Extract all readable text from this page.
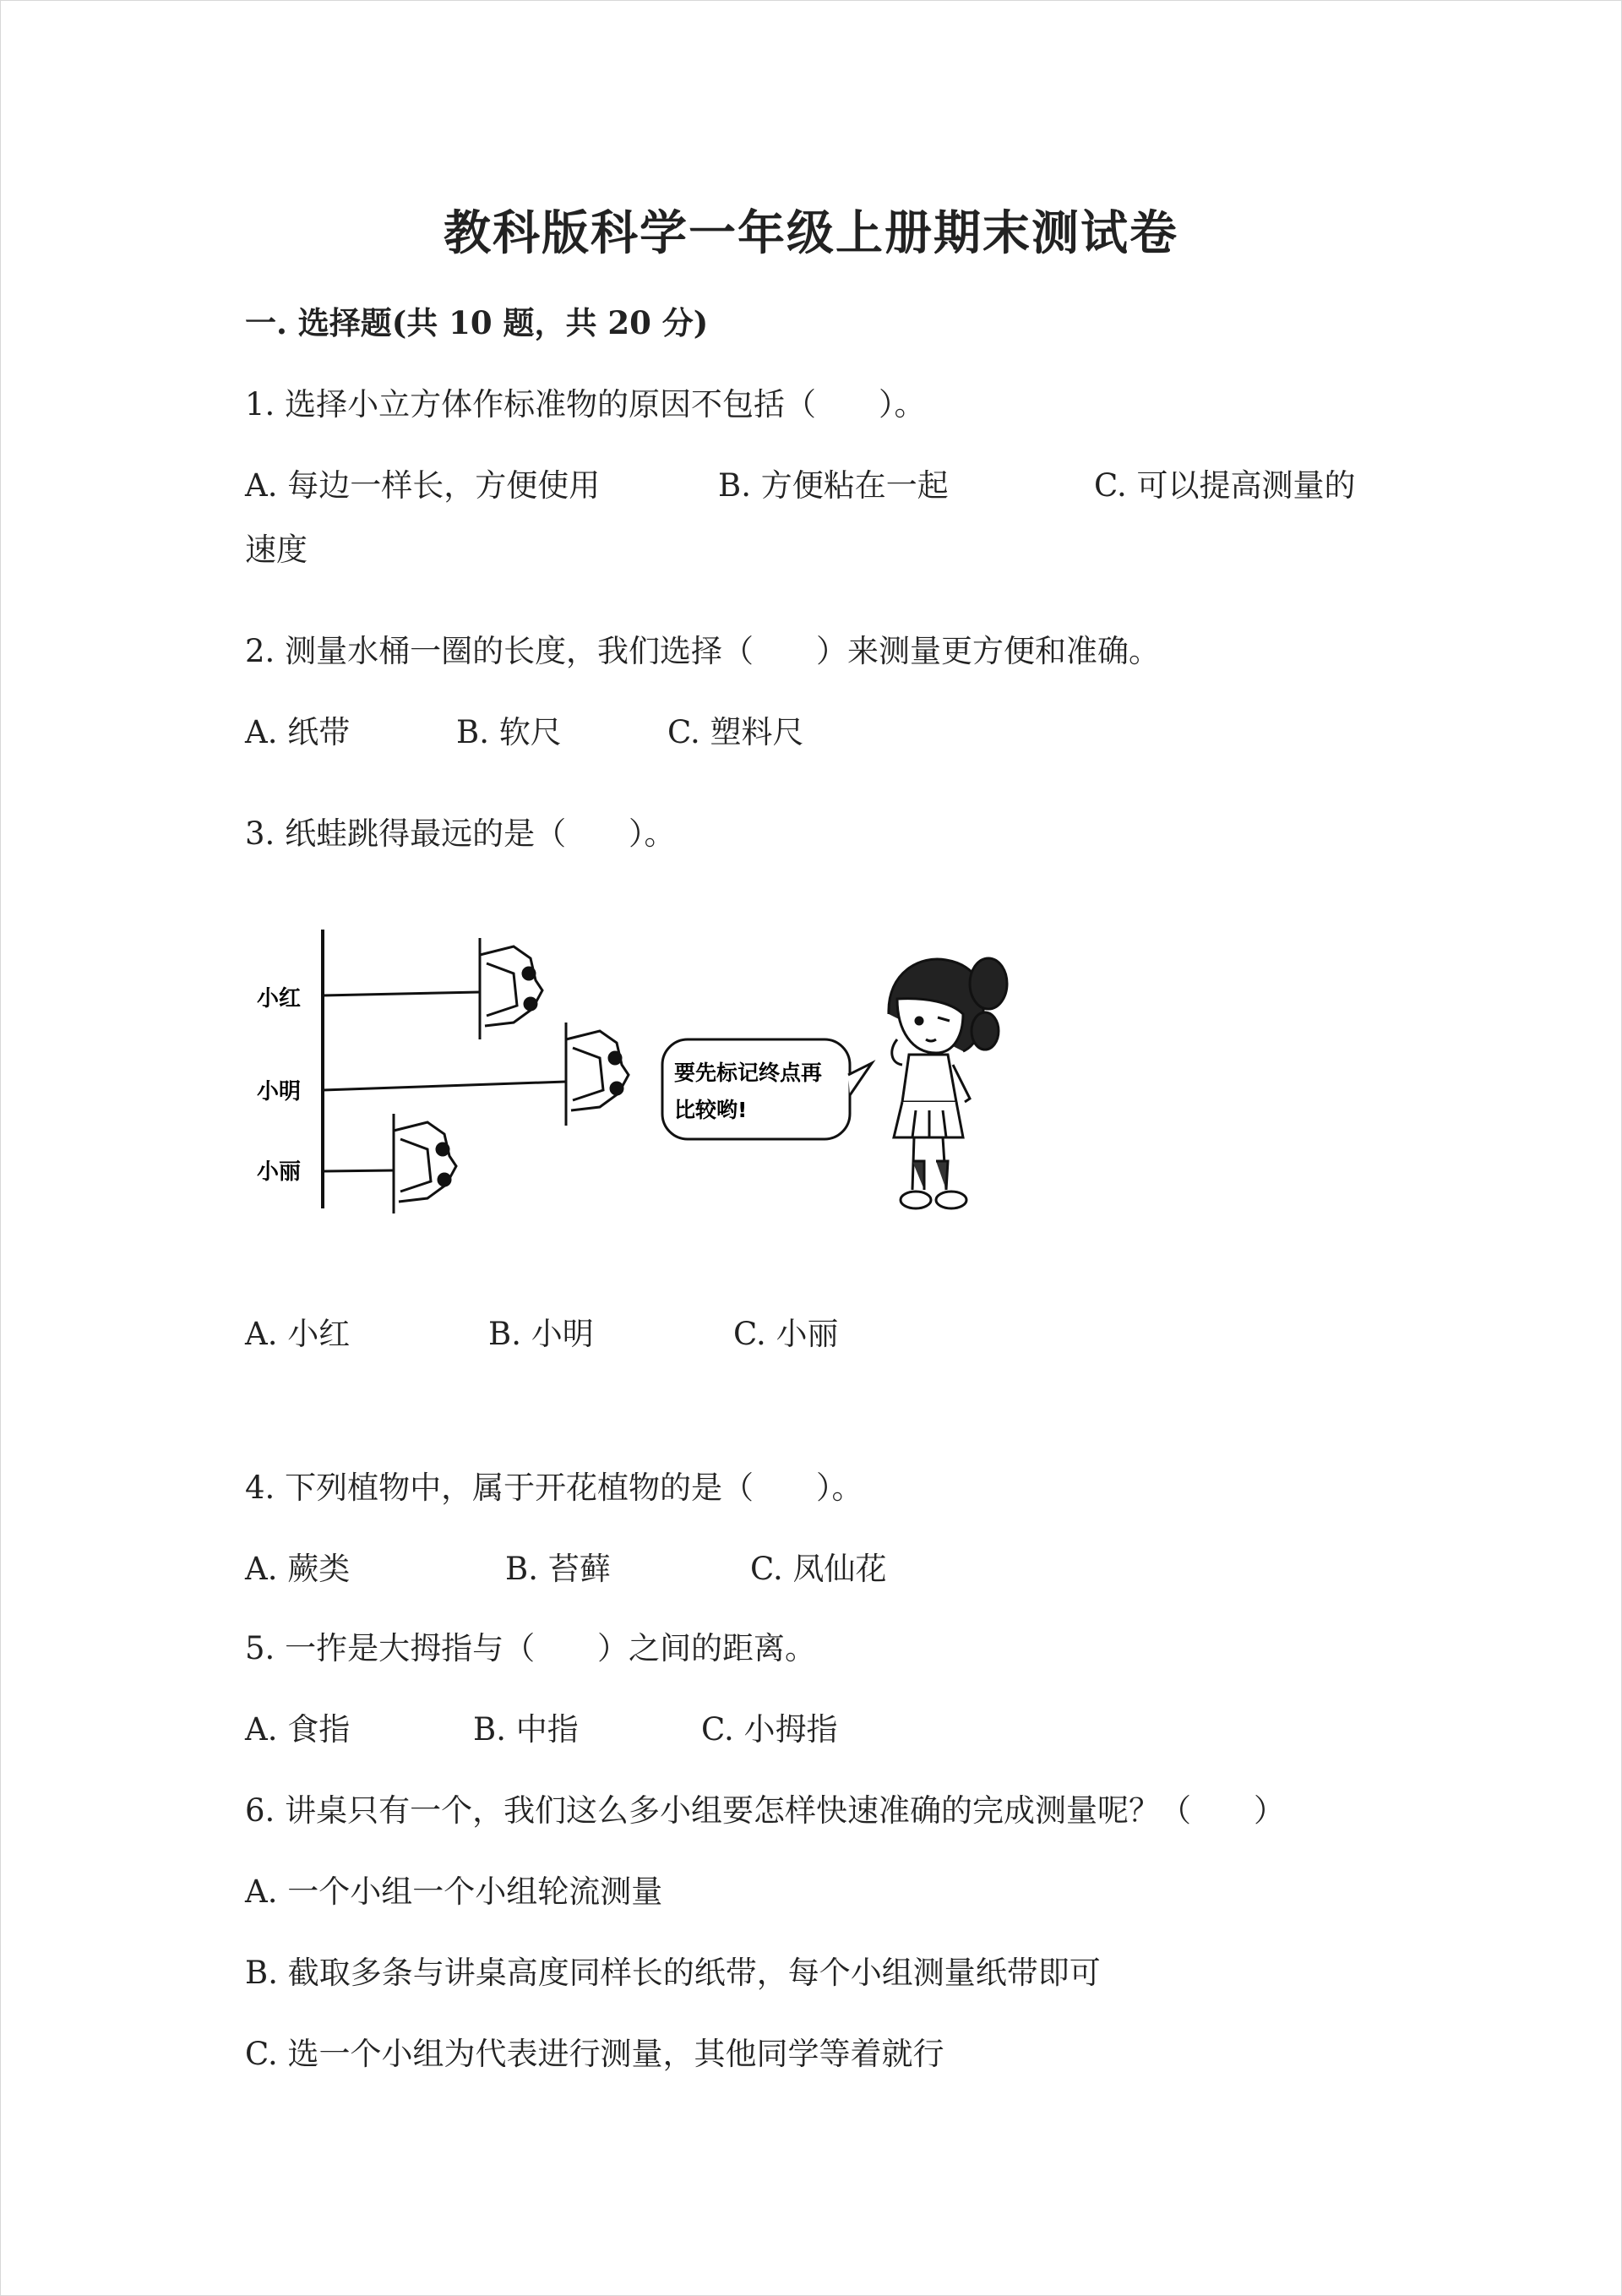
教科版科学一年级上册期末测试卷
一. 选择题(共 10 题，共 20 分)
1. 选择小立方体作标准物的原因不包括（　　）。
A. 每边一样长，方便使用	B. 方便粘在一起	C. 可以提高测量的
速度
2. 测量水桶一圈的长度，我们选择（　　）来测量更方便和准确。
A. 纸带	B. 软尺	C. 塑料尺
3. 纸蛙跳得最远的是（　　）。
小红
小明
小丽
要先标记终点再
比较哟!
A. 小红	B. 小明	C. 小丽
4. 下列植物中，属于开花植物的是（　　）。
A. 蕨类	B. 苔藓	C. 凤仙花
5. 一拃是大拇指与（　　）之间的距离。
A. 食指	B. 中指	C. 小拇指
6. 讲桌只有一个，我们这么多小组要怎样快速准确的完成测量呢？（　　）
A. 一个小组一个小组轮流测量
B. 截取多条与讲桌高度同样长的纸带，每个小组测量纸带即可
C. 选一个小组为代表进行测量，其他同学等着就行
